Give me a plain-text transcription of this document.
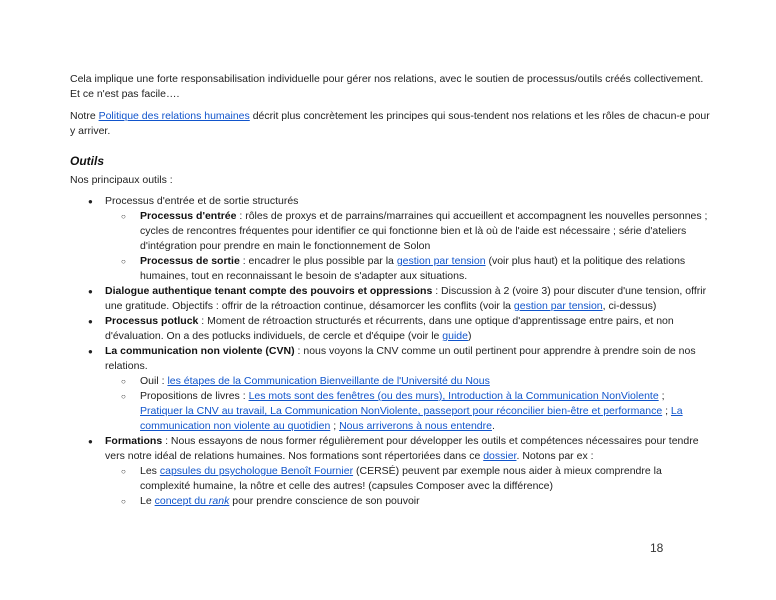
Cela implique une forte responsabilisation individuelle pour gérer nos relations, avec le soutien de processus/outils créés collectivement. Et ce n'est pas facile….

Notre Politique des relations humaines décrit plus concrètement les principes qui sous-tendent nos relations et les rôles de chacun-e pour y arriver.

Outils

Nos principaux outils :

● Processus d'entrée et de sortie structurés
○ Processus d'entrée : rôles de proxys et de parrains/marraines qui accueillent et accompagnent les nouvelles personnes ; cycles de rencontres fréquentes pour identifier ce qui fonctionne bien et là où de l'aide est nécessaire ; série d'ateliers d'intégration pour prendre en main le fonctionnement de Solon
○ Processus de sortie : encadrer le plus possible par la gestion par tension (voir plus haut) et la politique des relations humaines, tout en reconnaissant le besoin de s'adapter aux situations.
● Dialogue authentique tenant compte des pouvoirs et oppressions : Discussion à 2 (voire 3) pour discuter d'une tension, offrir une gratitude. Objectifs : offrir de la rétroaction continue, désamorcer les conflits (voir la gestion par tension, ci-dessus)
● Processus potluck : Moment de rétroaction structurés et récurrents, dans une optique d'apprentissage entre pairs, et non d'évaluation. On a des potlucks individuels, de cercle et d'équipe (voir le guide)
● La communication non violente (CVN) : nous voyons la CNV comme un outil pertinent pour apprendre à prendre soin de nos relations.
○ Ouil : les étapes de la Communication Bienveillante de l'Université du Nous
○ Propositions de livres : Les mots sont des fenêtres (ou des murs), Introduction à la Communication NonViolente ; Pratiquer la CNV au travail, La Communication NonViolente, passeport pour réconcilier bien-être et performance ; La communication non violente au quotidien ; Nous arriverons à nous entendre.
● Formations : Nous essayons de nous former régulièrement pour développer les outils et compétences nécessaires pour tendre vers notre idéal de relations humaines. Nos formations sont répertoriées dans ce dossier. Notons par ex :
○ Les capsules du psychologue Benoît Fournier (CERSÉ) peuvent par exemple nous aider à mieux comprendre la complexité humaine, la nôtre et celle des autres! (capsules Composer avec la différence)
○ Le concept du rank pour prendre conscience de son pouvoir
18
